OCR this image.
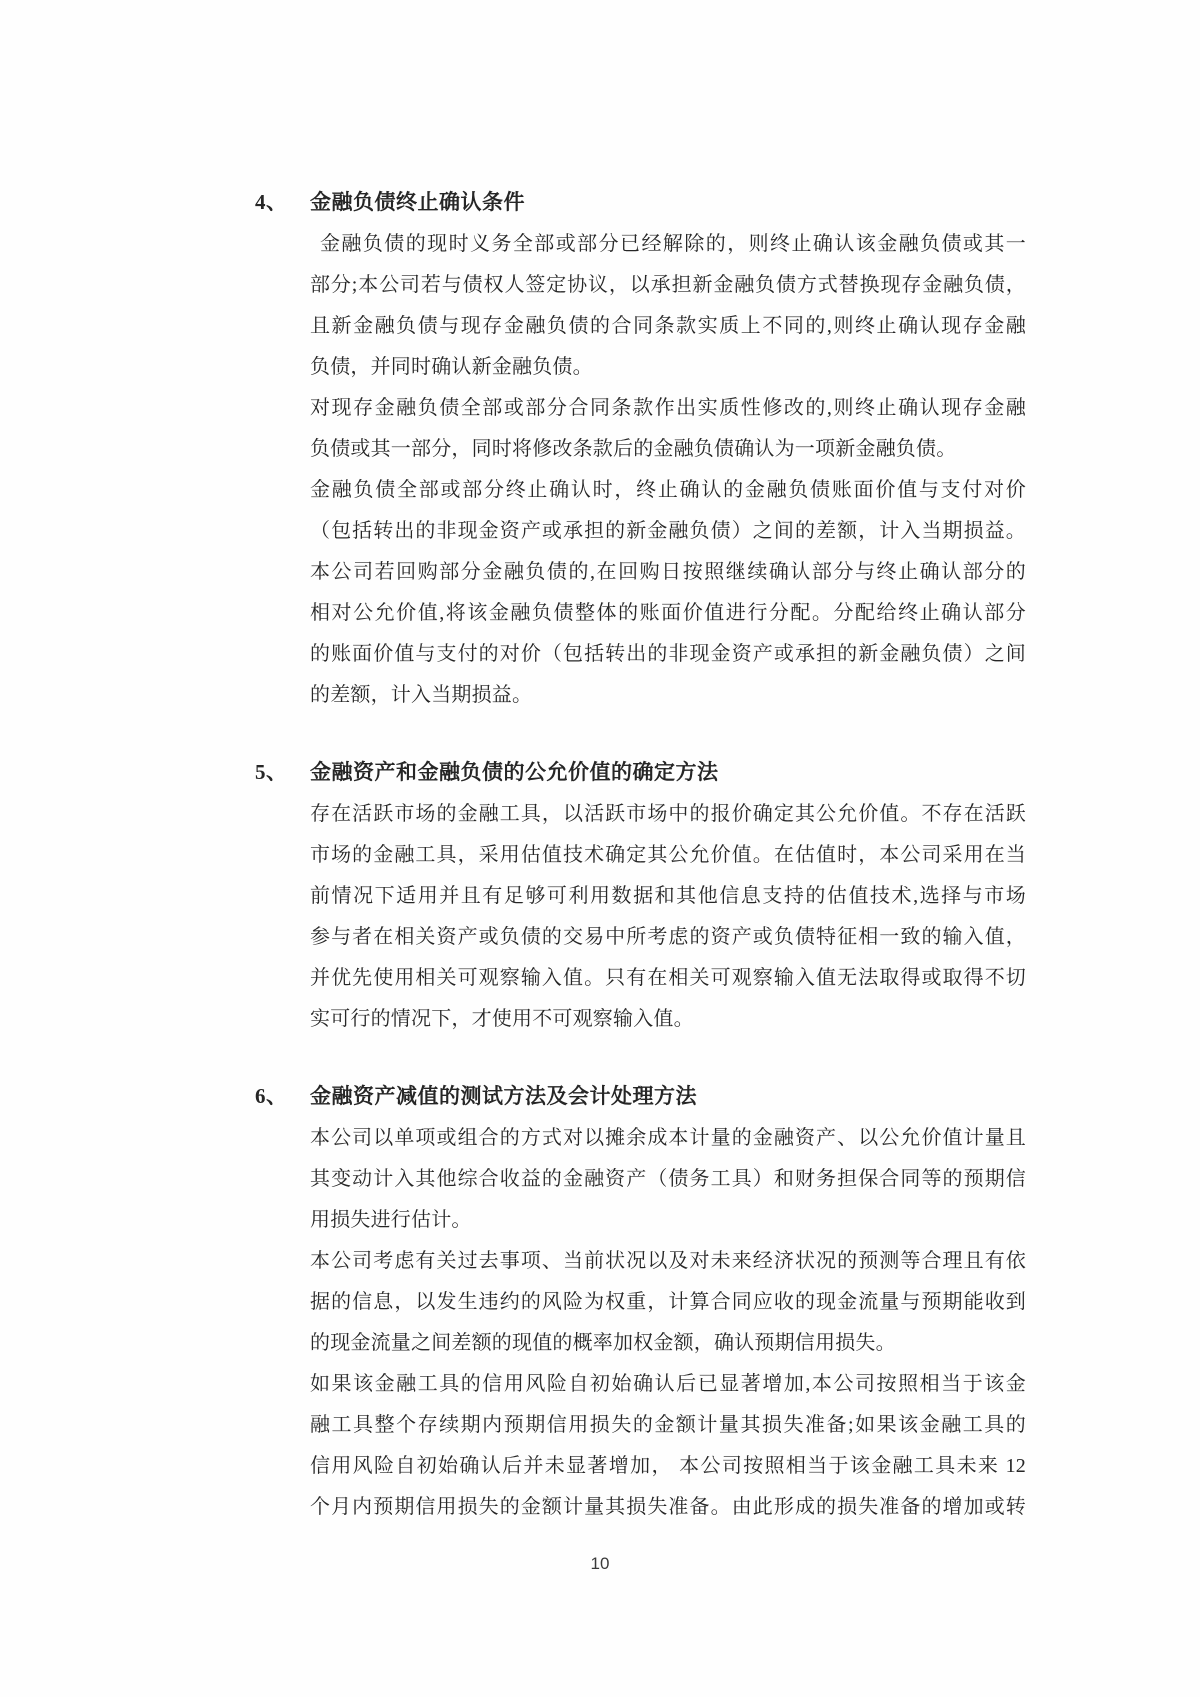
4、	金融负债终止确认条件
金融负债的现时义务全部或部分已经解除的，则终止确认该金融负债或其一
部分;本公司若与债权人签定协议，以承担新金融负债方式替换现存金融负债，
且新金融负债与现存金融负债的合同条款实质上不同的,则终止确认现存金融
负债，并同时确认新金融负债。
对现存金融负债全部或部分合同条款作出实质性修改的,则终止确认现存金融
负债或其一部分，同时将修改条款后的金融负债确认为一项新金融负债。
金融负债全部或部分终止确认时，终止确认的金融负债账面价值与支付对价
（包括转出的非现金资产或承担的新金融负债）之间的差额，计入当期损益。
本公司若回购部分金融负债的,在回购日按照继续确认部分与终止确认部分的
相对公允价值,将该金融负债整体的账面价值进行分配。分配给终止确认部分
的账面价值与支付的对价（包括转出的非现金资产或承担的新金融负债）之间
的差额，计入当期损益。
5、	金融资产和金融负债的公允价值的确定方法
存在活跃市场的金融工具，以活跃市场中的报价确定其公允价值。不存在活跃
市场的金融工具，采用估值技术确定其公允价值。在估值时，本公司采用在当
前情况下适用并且有足够可利用数据和其他信息支持的估值技术,选择与市场
参与者在相关资产或负债的交易中所考虑的资产或负债特征相一致的输入值，
并优先使用相关可观察输入值。只有在相关可观察输入值无法取得或取得不切
实可行的情况下，才使用不可观察输入值。
6、	金融资产减值的测试方法及会计处理方法
本公司以单项或组合的方式对以摊余成本计量的金融资产、以公允价值计量且
其变动计入其他综合收益的金融资产（债务工具）和财务担保合同等的预期信
用损失进行估计。
本公司考虑有关过去事项、当前状况以及对未来经济状况的预测等合理且有依
据的信息，以发生违约的风险为权重，计算合同应收的现金流量与预期能收到
的现金流量之间差额的现值的概率加权金额，确认预期信用损失。
如果该金融工具的信用风险自初始确认后已显著增加,本公司按照相当于该金
融工具整个存续期内预期信用损失的金额计量其损失准备;如果该金融工具的
信用风险自初始确认后并未显著增加， 本公司按照相当于该金融工具未来 12
个月内预期信用损失的金额计量其损失准备。由此形成的损失准备的增加或转
10
